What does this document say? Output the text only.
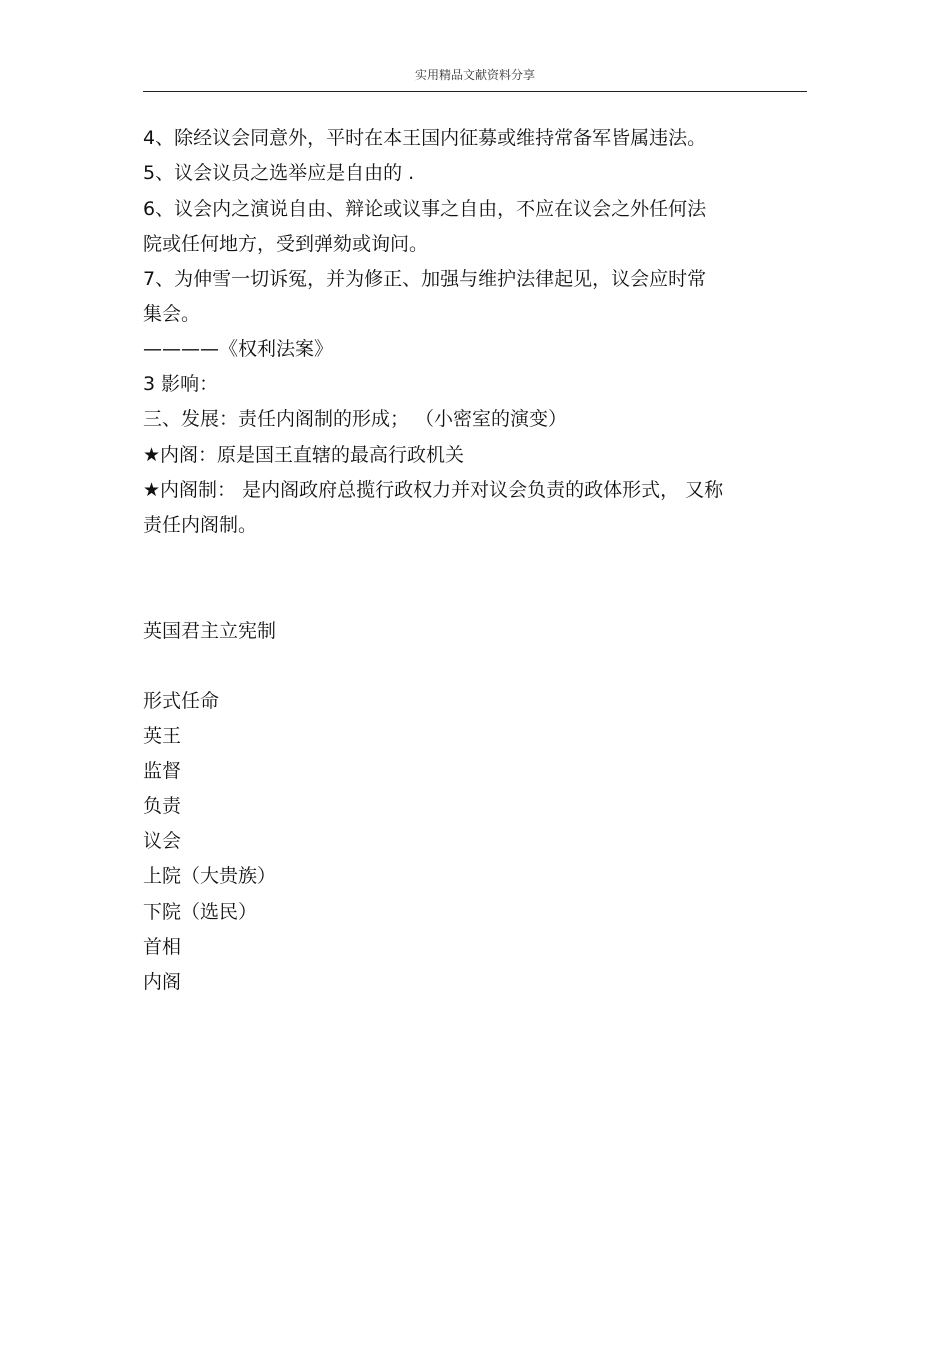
实用精品文献资料分享
4、除经议会同意外，平时在本王国内征募或维持常备军皆属违法。
5、议会议员之选举应是自由的 .
6、议会内之演说自由、辩论或议事之自由，不应在议会之外任何法
院或任何地方，受到弹劾或询问。
7、为伸雪一切诉冤，并为修正、加强与维护法律起见，议会应时常
集会。
————《权利法案》
3 影响：
三、发展：责任内阁制的形成； （小密室的演变）
★内阁：原是国王直辖的最高行政机关
★内阁制： 是内阁政府总揽行政权力并对议会负责的政体形式， 又称
责任内阁制。
英国君主立宪制
形式任命
英王
监督
负责
议会
上院（大贵族）
下院（选民）
首相
内阁
